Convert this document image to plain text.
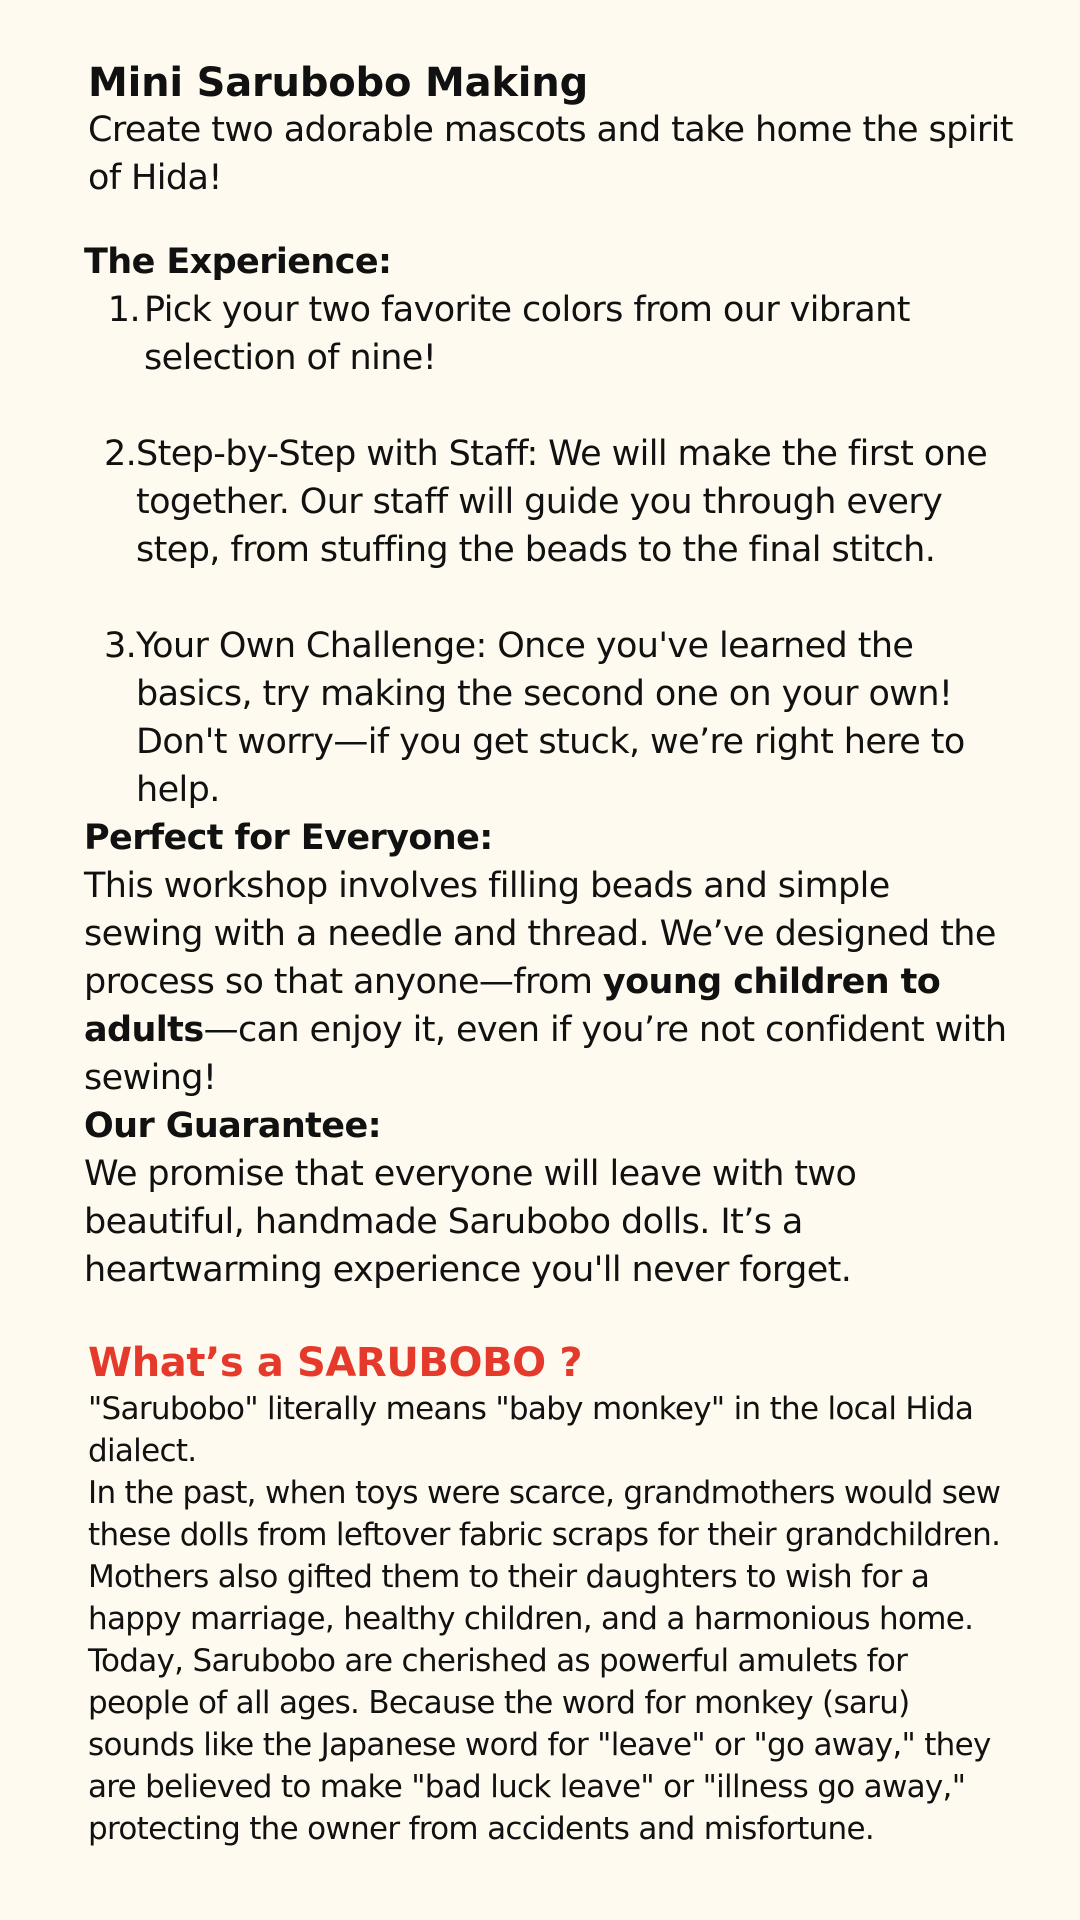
Mini Sarubobo Making
Create two adorable mascots and take home the spirit of Hida!
The Experience:
1. Pick your two favorite colors from our vibrant selection of nine!
2. Step-by-Step with Staff: We will make the first one together. Our staff will guide you through every step, from stuffing the beads to the final stitch.
3. Your Own Challenge: Once you've learned the basics, try making the second one on your own! Don't worry—if you get stuck, we’re right here to help.
Perfect for Everyone:
This workshop involves filling beads and simple sewing with a needle and thread. We’ve designed the process so that anyone—from young children to adults—can enjoy it, even if you’re not confident with sewing!
Our Guarantee:
We promise that everyone will leave with two beautiful, handmade Sarubobo dolls. It’s a heartwarming experience you'll never forget.
What’s a SARUBOBO ?

"Sarubobo" literally means "baby monkey" in the local Hida dialect.

In the past, when toys were scarce, grandmothers would sew these dolls from leftover fabric scraps for their grandchildren. Mothers also gifted them to their daughters to wish for a happy marriage, healthy children, and a harmonious home.

Today, Sarubobo are cherished as powerful amulets for people of all ages. Because the word for monkey (saru) sounds like the Japanese word for "leave" or "go away," they are believed to make "bad luck leave" or "illness go away," protecting the owner from accidents and misfortune.
